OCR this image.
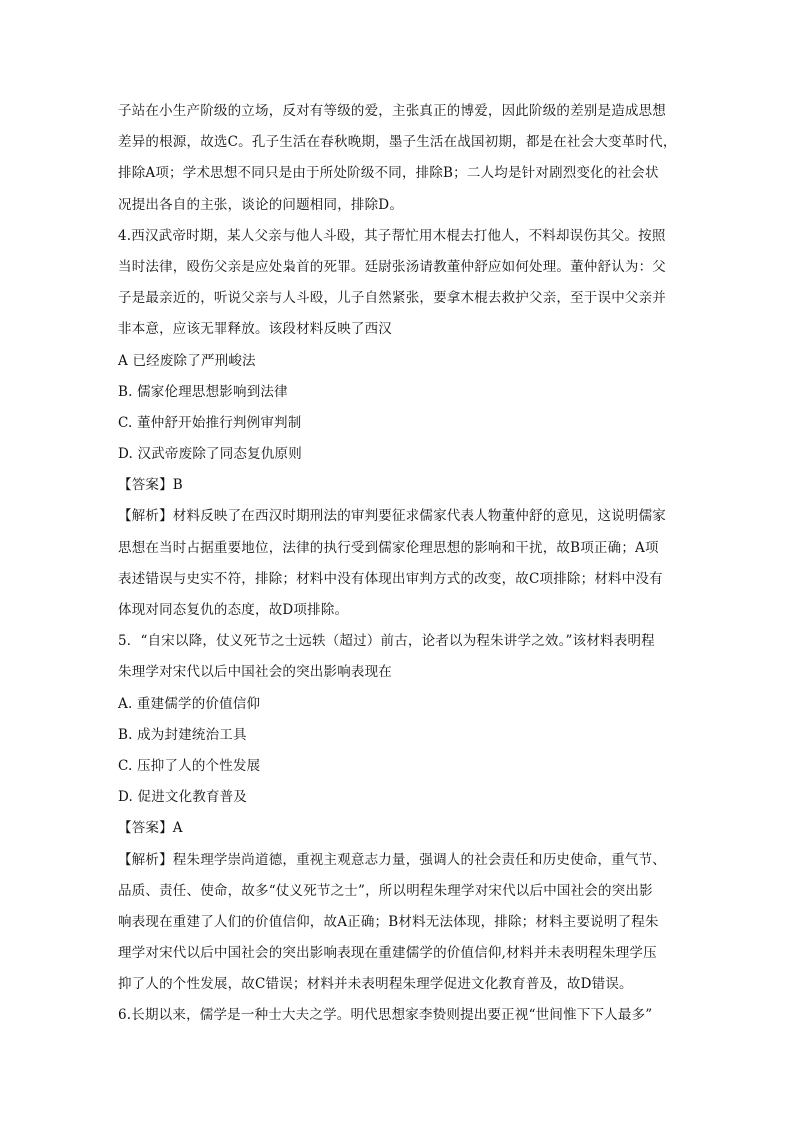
子站在小生产阶级的立场，反对有等级的爱，主张真正的博爱，因此阶级的差别是造成思想
差异的根源，故选C。孔子生活在春秋晚期，墨子生活在战国初期，都是在社会大变革时代，
排除A项；学术思想不同只是由于所处阶级不同，排除B；二人均是针对剧烈变化的社会状
况提出各自的主张，谈论的问题相同，排除D。
4.西汉武帝时期，某人父亲与他人斗殴，其子帮忙用木棍去打他人，不料却误伤其父。按照
当时法律，殴伤父亲是应处枭首的死罪。廷尉张汤请教董仲舒应如何处理。董仲舒认为：父
子是最亲近的，听说父亲与人斗殴，儿子自然紧张，要拿木棍去救护父亲，至于误中父亲并
非本意，应该无罪释放。该段材料反映了西汉
A 已经废除了严刑峻法
B. 儒家伦理思想影响到法律
C. 董仲舒开始推行判例审判制
D. 汉武帝废除了同态复仇原则
【答案】B
【解析】材料反映了在西汉时期刑法的审判要征求儒家代表人物董仲舒的意见，这说明儒家
思想在当时占据重要地位，法律的执行受到儒家伦理思想的影响和干扰，故B项正确；A项
表述错误与史实不符，排除；材料中没有体现出审判方式的改变，故C项排除；材料中没有
体现对同态复仇的态度，故D项排除。
5．“自宋以降，仗义死节之士远轶（超过）前古，论者以为程朱讲学之效。”该材料表明程
朱理学对宋代以后中国社会的突出影响表现在
A. 重建儒学的价值信仰
B. 成为封建统治工具
C. 压抑了人的个性发展
D. 促进文化教育普及
【答案】A
【解析】程朱理学崇尚道德，重视主观意志力量，强调人的社会责任和历史使命，重气节、
品质、责任、使命，故多“仗义死节之士”，所以明程朱理学对宋代以后中国社会的突出影
响表现在重建了人们的价值信仰，故A正确；B材料无法体现，排除；材料主要说明了程朱
理学对宋代以后中国社会的突出影响表现在重建儒学的价值信仰,材料并未表明程朱理学压
抑了人的个性发展，故C错误；材料并未表明程朱理学促进文化教育普及，故D错误。
6.长期以来，儒学是一种士大夫之学。明代思想家李贽则提出要正视“世间惟下下人最多”
